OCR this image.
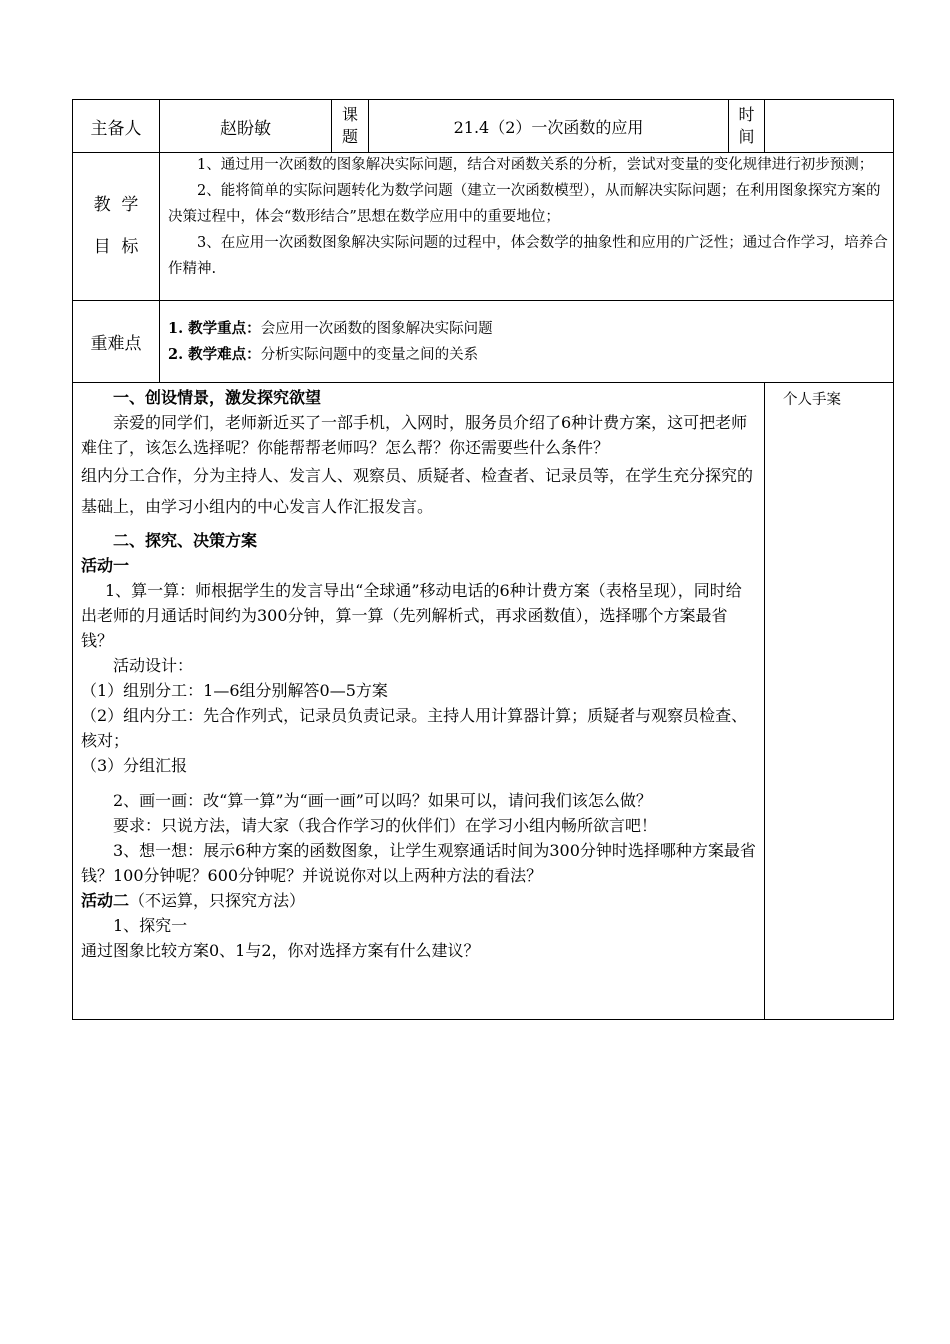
主备人	赵盼敏
课
题	21.4（2）一次函数的应用
时
间
教  学
目  标
1、通过用一次函数的图象解决实际问题，结合对函数关系的分析，尝试对变量的变化规律进行初步预测；
2、能将简单的实际问题转化为数学问题（建立一次函数模型），从而解决实际问题；在利用图象探究方案的决策过程中，体会“数形结合”思想在数学应用中的重要地位；
3、在应用一次函数图象解决实际问题的过程中，体会数学的抽象性和应用的广泛性；通过合作学习，培养合作精神.
重难点
1. 教学重点：会应用一次函数的图象解决实际问题
2. 教学难点：分析实际问题中的变量之间的关系

一、创设情景，激发探究欲望

亲爱的同学们，老师新近买了一部手机，入网时，服务员介绍了6种计费方案，这可把老师难住了，该怎么选择呢？你能帮帮老师吗？怎么帮？你还需要些什么条件？

组内分工合作，分为主持人、发言人、观察员、质疑者、检查者、记录员等，在学生充分探究的基础上，由学习小组内的中心发言人作汇报发言。

二、探究、决策方案

活动一

1、算一算：师根据学生的发言导出“全球通”移动电话的6种计费方案（表格呈现），同时给出老师的月通话时间约为300分钟，算一算（先列解析式，再求函数值），选择哪个方案最省钱？

活动设计：

（1）组别分工：1—6组分别解答0—5方案

（2）组内分工：先合作列式，记录员负责记录。主持人用计算器计算；质疑者与观察员检查、核对；

（3）分组汇报

2、画一画：改“算一算”为“画一画”可以吗？如果可以，请问我们该怎么做？

要求：只说方法，请大家（我合作学习的伙伴们）在学习小组内畅所欲言吧！

3、想一想：展示6种方案的函数图象，让学生观察通话时间为300分钟时选择哪种方案最省钱？100分钟呢？600分钟呢？并说说你对以上两种方法的看法？

活动二（不运算，只探究方法）

1、探究一

通过图象比较方案0、1与2，你对选择方案有什么建议？

个人手案
